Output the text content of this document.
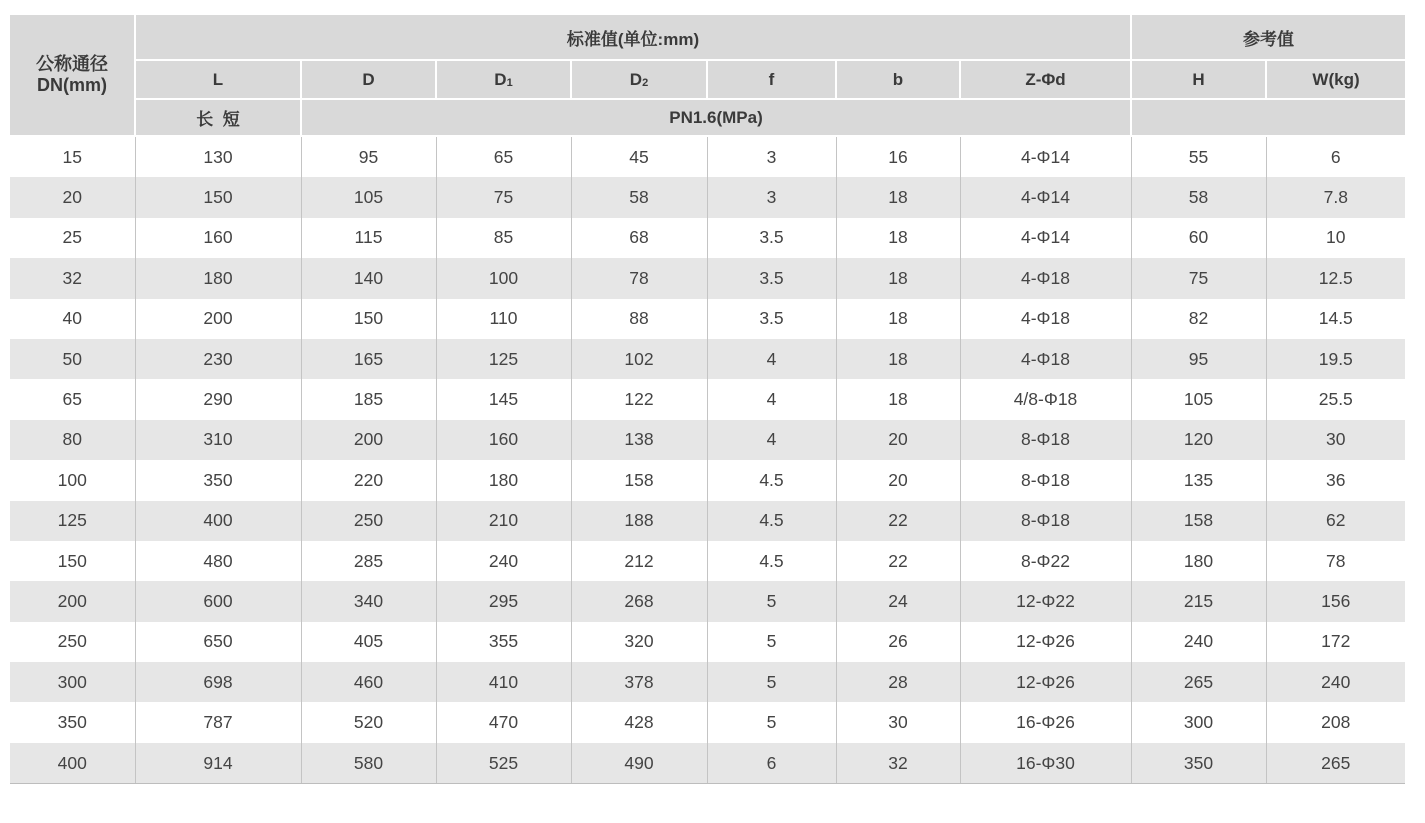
公称通径
DN(mm)	标准值(单位:mm)							参考值	
	L	D	$D_1$	$D_2$	f	b	Z-Φd	H	W(kg)
	长  短	PN1.6(MPa)							
15	130	95	65	45	3	16	4-Φ14	55	6
20	150	105	75	58	3	18	4-Φ14	58	7.8
25	160	115	85	68	3.5	18	4-Φ14	60	10
32	180	140	100	78	3.5	18	4-Φ18	75	12.5
40	200	150	110	88	3.5	18	4-Φ18	82	14.5
50	230	165	125	102	4	18	4-Φ18	95	19.5
65	290	185	145	122	4	18	4/8-Φ18	105	25.5
80	310	200	160	138	4	20	8-Φ18	120	30
100	350	220	180	158	4.5	20	8-Φ18	135	36
125	400	250	210	188	4.5	22	8-Φ18	158	62
150	480	285	240	212	4.5	22	8-Φ22	180	78
200	600	340	295	268	5	24	12-Φ22	215	156
250	650	405	355	320	5	26	12-Φ26	240	172
300	698	460	410	378	5	28	12-Φ26	265	240
350	787	520	470	428	5	30	16-Φ26	300	208
400	914	580	525	490	6	32	16-Φ30	350	265
